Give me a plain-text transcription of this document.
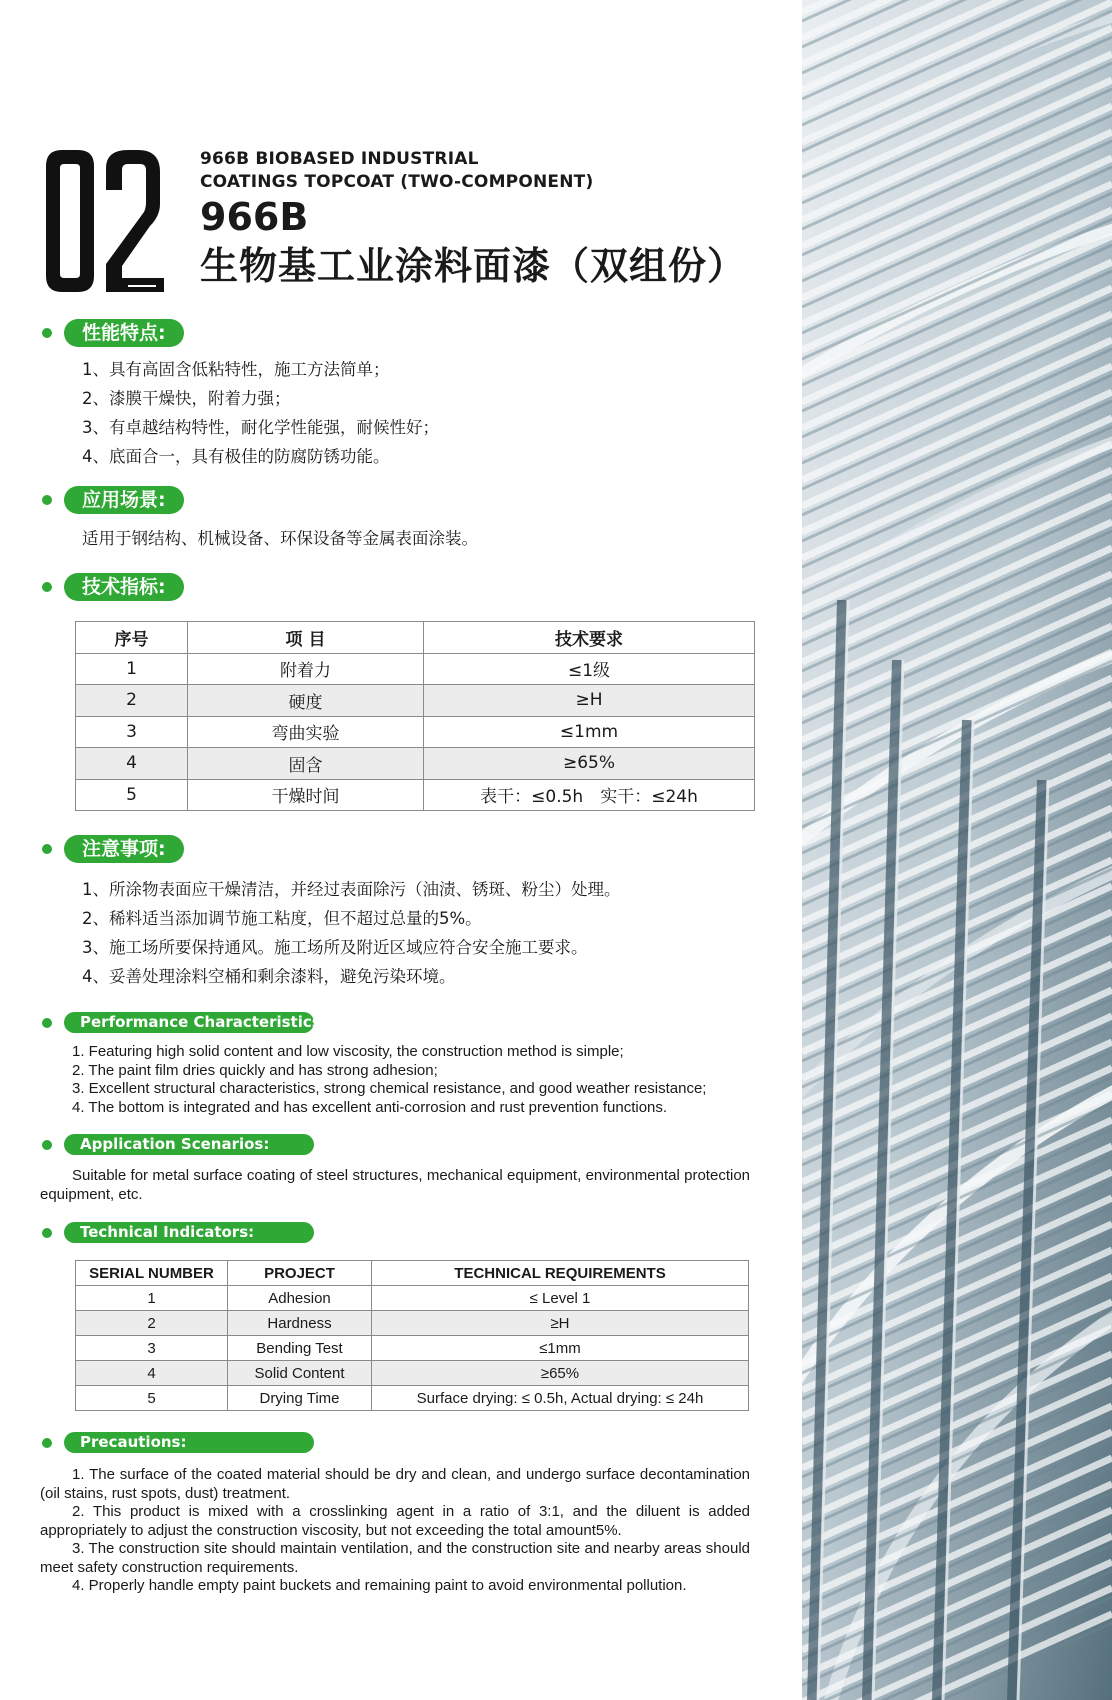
966B BIOBASED INDUSTRIAL
COATINGS TOPCOAT (TWO-COMPONENT)
966B
生物基工业涂料面漆（双组份）
性能特点:
1、具有高固含低粘特性，施工方法简单；
2、漆膜干燥快，附着力强；
3、有卓越结构特性，耐化学性能强，耐候性好；
4、底面合一，具有极佳的防腐防锈功能。
应用场景:
适用于钢结构、机械设备、环保设备等金属表面涂装。
技术指标:
序号	项 目	技术要求
1	附着力	≤1级
2	硬度	≥H
3	弯曲实验	≤1mm
4	固含	≥65%
5	干燥时间	表干：≤0.5h　实干：≤24h
注意事项:
1、所涂物表面应干燥清洁，并经过表面除污（油渍、锈斑、粉尘）处理。
2、稀料适当添加调节施工粘度，但不超过总量的5%。
3、施工场所要保持通风。施工场所及附近区域应符合安全施工要求。
4、妥善处理涂料空桶和剩余漆料，避免污染环境。
Performance Characteristics:
1. Featuring high solid content and low viscosity, the construction method is simple;
2. The paint film dries quickly and has strong adhesion;
3. Excellent structural characteristics, strong chemical resistance, and good weather resistance;
4. The bottom is integrated and has excellent anti-corrosion and rust prevention functions.
Application Scenarios:
Suitable for metal surface coating of steel structures, mechanical equipment, environmental protection equipment, etc.
Technical Indicators:
SERIAL NUMBER	PROJECT	TECHNICAL REQUIREMENTS
1	Adhesion	≤ Level 1
2	Hardness	≥H
3	Bending Test	≤1mm
4	Solid Content	≥65%
5	Drying Time	Surface drying: ≤ 0.5h, Actual drying: ≤ 24h
Precautions:
1. The surface of the coated material should be dry and clean, and undergo surface decontamination (oil stains, rust spots, dust) treatment.
2. This product is mixed with a crosslinking agent in a ratio of 3:1, and the diluent is added appropriately to adjust the construction viscosity, but not exceeding the total amount5%.
3. The construction site should maintain ventilation, and the construction site and nearby areas should meet safety construction requirements.
4. Properly handle empty paint buckets and remaining paint to avoid environmental pollution.
